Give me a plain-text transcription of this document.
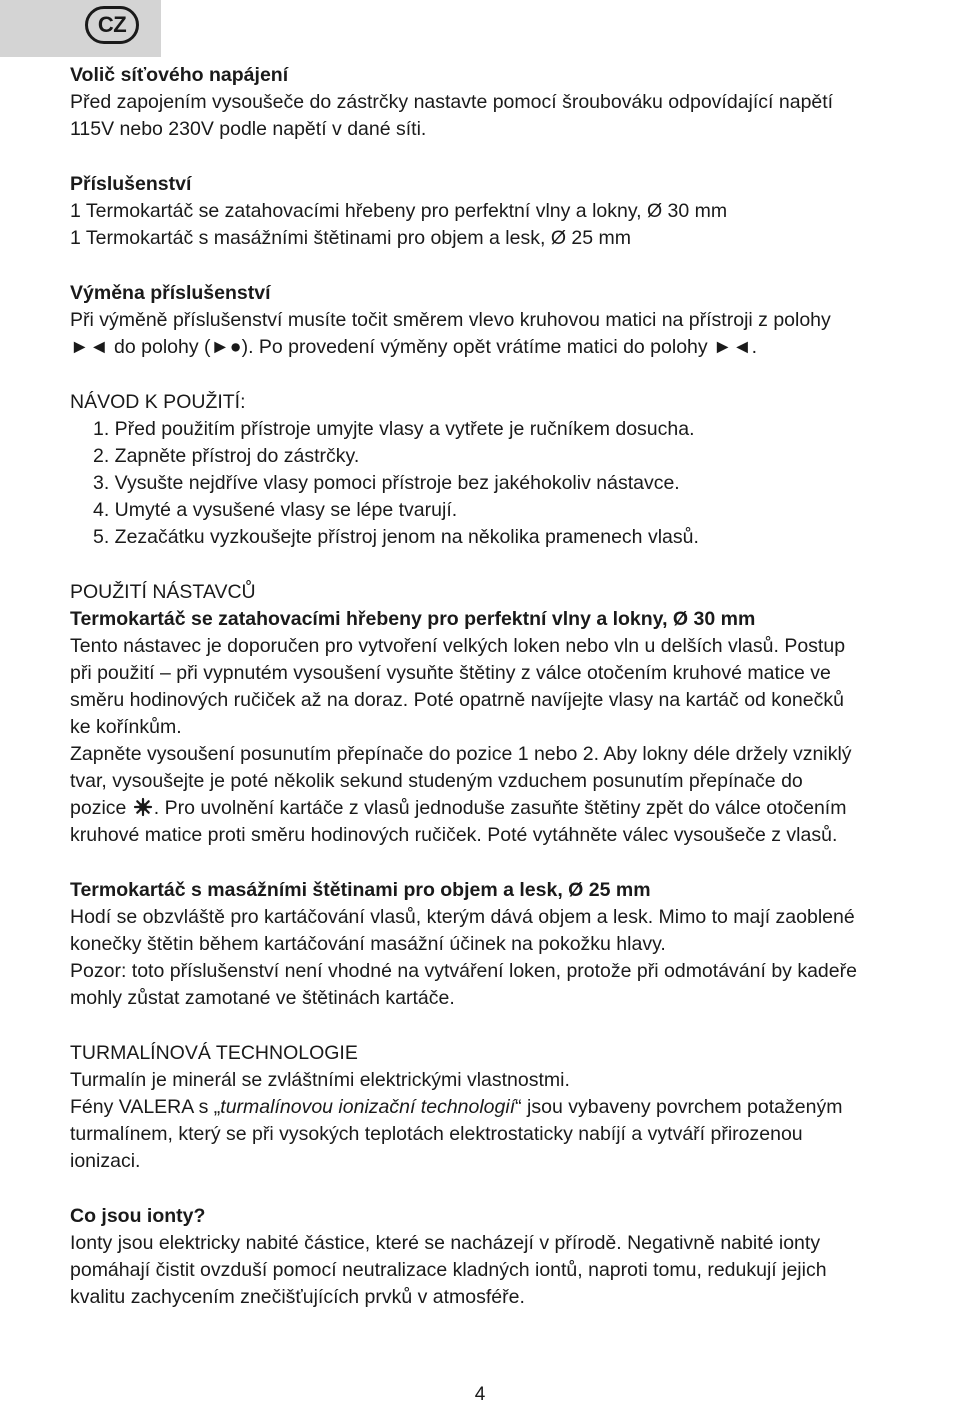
CZ

Volič síťového napájení

Před zapojením vysoušeče do zástrčky nastavte pomocí šroubováku odpovídající napětí

115V nebo 230V podle napětí v dané síti.

Příslušenství

1 Termokartáč se zatahovacími hřebeny pro perfektní vlny a lokny, Ø 30 mm

1 Termokartáč s masážními štětinami pro objem a lesk, Ø 25 mm

Výměna příslušenství

Při výměně příslušenství musíte točit směrem vlevo kruhovou matici na přístroji z polohy

►◄ do polohy (►●). Po provedení výměny opět vrátíme matici do polohy ►◄.

NÁVOD K POUŽITÍ:

1. Před použitím přístroje umyjte vlasy a vytřete je ručníkem dosucha.
2. Zapněte přístroj do zástrčky.
3. Vysušte nejdříve vlasy pomoci přístroje bez jakéhokoliv nástavce.
4. Umyté a vysušené vlasy se lépe tvarují.
5. Zezačátku vyzkoušejte přístroj jenom na několika pramenech vlasů.

POUŽITÍ NÁSTAVCŮ

Termokartáč se zatahovacími hřebeny pro perfektní vlny a lokny, Ø 30 mm

Tento nástavec je doporučen pro vytvoření velkých loken nebo vln u delších vlasů. Postup

při použití – při vypnutém vysoušení vysuňte štětiny z válce otočením kruhové matice ve

směru hodinových ručiček až na doraz. Poté opatrně navíjejte vlasy na kartáč od konečků

ke kořínkům.

Zapněte vysoušení posunutím přepínače do pozice 1 nebo 2. Aby lokny déle držely vzniklý

tvar, vysoušejte je poté několik sekund studeným vzduchem posunutím přepínače do

pozice . Pro uvolnění kartáče z vlasů jednoduše zasuňte štětiny zpět do válce otočením

kruhové matice proti směru hodinových ručiček. Poté vytáhněte válec vysoušeče z vlasů.

Termokartáč s masážními štětinami pro objem a lesk, Ø 25 mm

Hodí se obzvláště pro kartáčování vlasů, kterým dává objem a lesk. Mimo to mají zaoblené

konečky štětin během kartáčování masážní účinek na pokožku hlavy.

Pozor: toto příslušenství není vhodné na vytváření loken, protože při odmotávání by kadeře

mohly zůstat zamotané ve štětinách kartáče.

TURMALÍNOVÁ TECHNOLOGIE

Turmalín je minerál se zvláštními elektrickými vlastnostmi.

Fény VALERA s „turmalínovou ionizační technologií“ jsou vybaveny povrchem potaženým

turmalínem, který se při vysokých teplotách elektrostaticky nabíjí a vytváří přirozenou

ionizaci.

Co jsou ionty?

Ionty jsou elektricky nabité částice, které se nacházejí v přírodě. Negativně nabité ionty

pomáhají čistit ovzduší pomocí neutralizace kladných iontů, naproti tomu, redukují jejich

kvalitu zachycením znečišťujících prvků v atmosféře.

4
